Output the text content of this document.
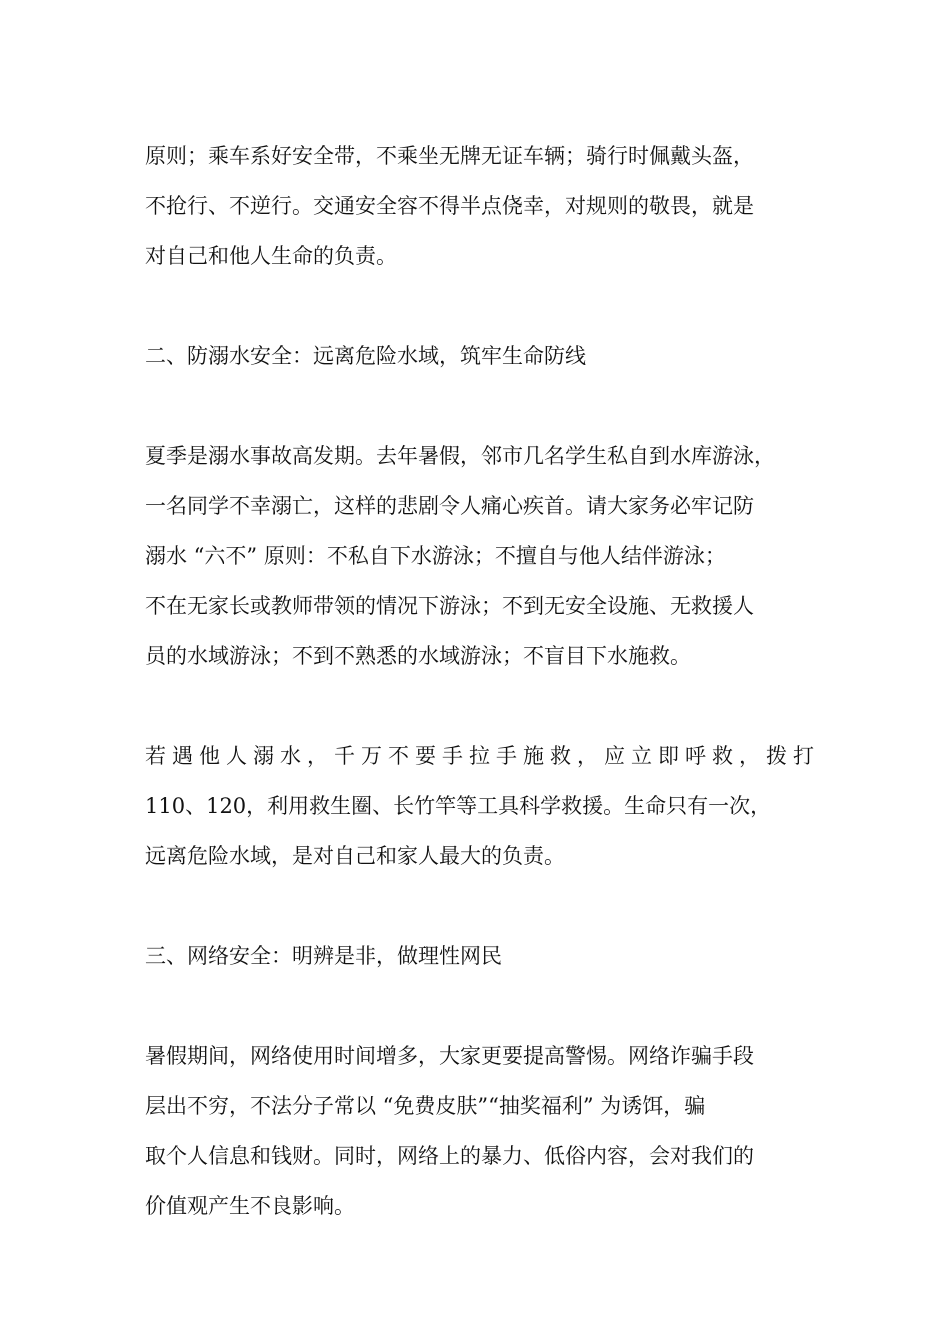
原则；乘车系好安全带，不乘坐无牌无证车辆；骑行时佩戴头盔，
不抢行、不逆行。交通安全容不得半点侥幸，对规则的敬畏，就是
对自己和他人生命的负责。
二、防溺水安全：远离危险水域，筑牢生命防线
夏季是溺水事故高发期。去年暑假，邻市几名学生私自到水库游泳，
一名同学不幸溺亡，这样的悲剧令人痛心疾首。请大家务必牢记防
溺水 “六不” 原则：不私自下水游泳；不擅自与他人结伴游泳；
不在无家长或教师带领的情况下游泳；不到无安全设施、无救援人
员的水域游泳；不到不熟悉的水域游泳；不盲目下水施救。
若遇他人溺水，千万不要手拉手施救，应立即呼救，拨打
110、120，利用救生圈、长竹竿等工具科学救援。生命只有一次，
远离危险水域，是对自己和家人最大的负责。
三、网络安全：明辨是非，做理性网民
暑假期间，网络使用时间增多，大家更要提高警惕。网络诈骗手段
层出不穷，不法分子常以 “免费皮肤”“抽奖福利” 为诱饵，骗
取个人信息和钱财。同时，网络上的暴力、低俗内容，会对我们的
价值观产生不良影响。
